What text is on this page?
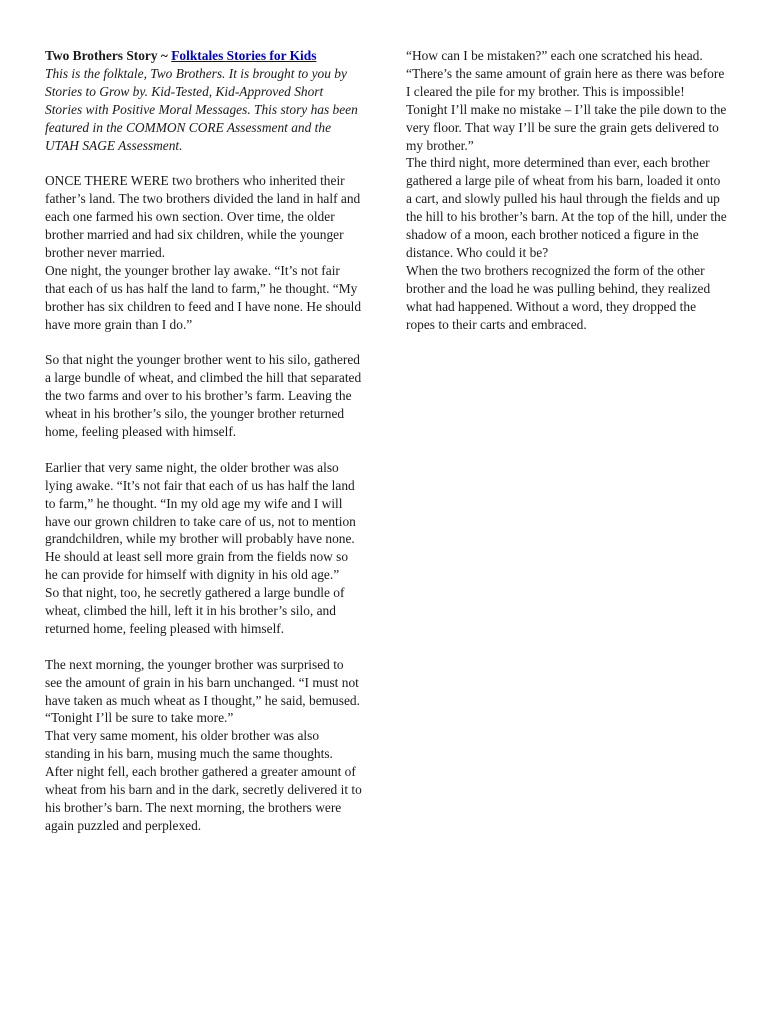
Two Brothers Story ~ Folktales Stories for Kids

This is the folktale, Two Brothers. It is brought to you by Stories to Grow by. Kid-Tested, Kid-Approved Short Stories with Positive Moral Messages. This story has been featured in the COMMON CORE Assessment and the UTAH SAGE Assessment.

ONCE THERE WERE two brothers who inherited their father’s land. The two brothers divided the land in half and each one farmed his own section. Over time, the older brother married and had six children, while the younger brother never married.

One night, the younger brother lay awake. “It’s not fair that each of us has half the land to farm,” he thought. “My brother has six children to feed and I have none. He should have more grain than I do.”

So that night the younger brother went to his silo, gathered a large bundle of wheat, and climbed the hill that separated the two farms and over to his brother’s farm. Leaving the wheat in his brother’s silo, the younger brother returned home, feeling pleased with himself.

Earlier that very same night, the older brother was also lying awake. “It’s not fair that each of us has half the land to farm,” he thought. “In my old age my wife and I will have our grown children to take care of us, not to mention grandchildren, while my brother will probably have none. He should at least sell more grain from the fields now so he can provide for himself with dignity in his old age.”

So that night, too, he secretly gathered a large bundle of wheat, climbed the hill, left it in his brother’s silo, and returned home, feeling pleased with himself.

The next morning, the younger brother was surprised to see the amount of grain in his barn unchanged. “I must not have taken as much wheat as I thought,” he said, bemused. “Tonight I’ll be sure to take more.”

That very same moment, his older brother was also standing in his barn, musing much the same thoughts.

After night fell, each brother gathered a greater amount of wheat from his barn and in the dark, secretly delivered it to his brother’s barn. The next morning, the brothers were again puzzled and perplexed.

“How can I be mistaken?” each one scratched his head. “There’s the same amount of grain here as there was before I cleared the pile for my brother. This is impossible! Tonight I’ll make no mistake – I’ll take the pile down to the very floor. That way I’ll be sure the grain gets delivered to my brother.”

The third night, more determined than ever, each brother gathered a large pile of wheat from his barn, loaded it onto a cart, and slowly pulled his haul through the fields and up the hill to his brother’s barn. At the top of the hill, under the shadow of a moon, each brother noticed a figure in the distance. Who could it be?

When the two brothers recognized the form of the other brother and the load he was pulling behind, they realized what had happened. Without a word, they dropped the ropes to their carts and embraced.
